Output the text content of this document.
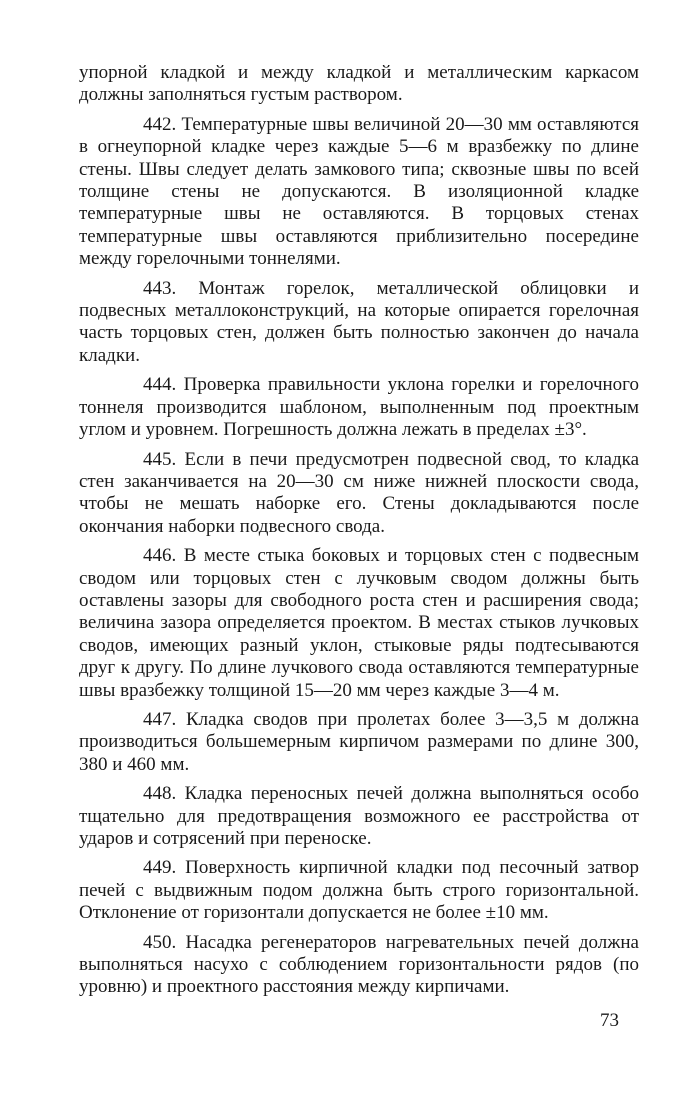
упорной кладкой и между кладкой и металлическим каркасом должны заполняться густым раствором.

442. Температурные швы величиной 20—30 мм оставляются в огнеупорной кладке через каждые 5—6 м вразбежку по длине стены. Швы следует делать замкового типа; сквозные швы по всей толщине стены не допускаются. В изоляционной кладке температурные швы не оставляются. В торцовых стенах температурные швы оставляются приблизительно посередине между горелочными тоннелями.

443. Монтаж горелок, металлической облицовки и подвесных металлоконструкций, на которые опирается горелочная часть торцовых стен, должен быть полностью закончен до начала кладки.

444. Проверка правильности уклона горелки и горелочного тоннеля производится шаблоном, выполненным под проектным углом и уровнем. Погрешность должна лежать в пределах ±3°.

445. Если в печи предусмотрен подвесной свод, то кладка стен заканчивается на 20—30 см ниже нижней плоскости свода, чтобы не мешать наборке его. Стены докладываются после окончания наборки подвесного свода.

446. В месте стыка боковых и торцовых стен с подвесным сводом или торцовых стен с лучковым сводом должны быть оставлены зазоры для свободного роста стен и расширения свода; величина зазора определяется проектом. В местах стыков лучковых сводов, имеющих разный уклон, стыковые ряды подтесываются друг к другу. По длине лучкового свода оставляются температурные швы вразбежку толщиной 15—20 мм через каждые 3—4 м.

447. Кладка сводов при пролетах более 3—3,5 м должна производиться большемерным кирпичом размерами по длине 300, 380 и 460 мм.

448. Кладка переносных печей должна выполняться особо тщательно для предотвращения возможного ее расстройства от ударов и сотрясений при переноске.

449. Поверхность кирпичной кладки под песочный затвор печей с выдвижным подом должна быть строго горизонтальной. Отклонение от горизонтали допускается не более ±10 мм.

450. Насадка регенераторов нагревательных печей должна выполняться насухо с соблюдением горизонтальности рядов (по уровню) и проектного расстояния между кирпичами.

73
